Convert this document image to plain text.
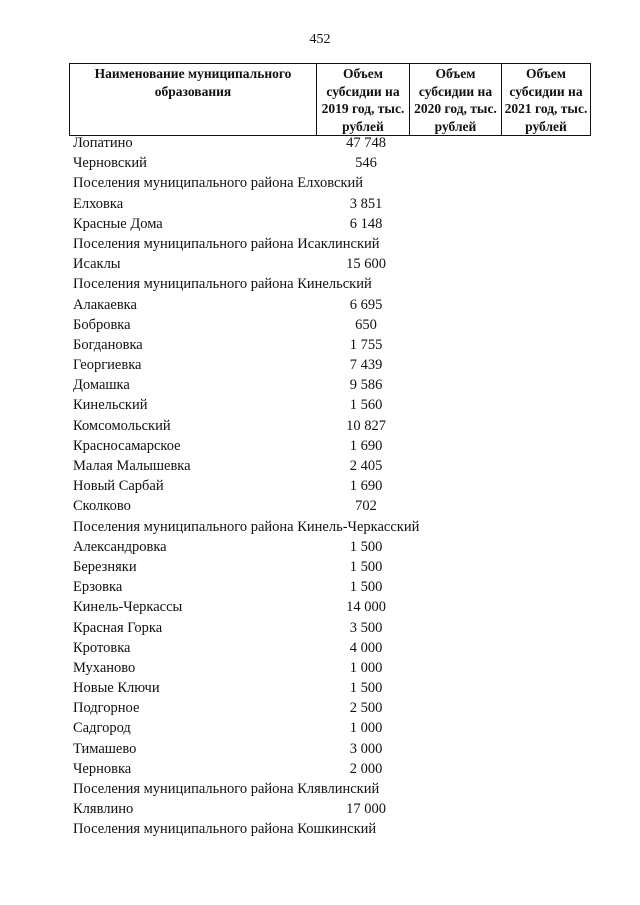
452
Наименование муниципального образования	Объем субсидии на 2019 год, тыс. рублей	Объем субсидии на 2020 год, тыс. рублей	Объем субсидии на 2021 год, тыс. рублей
Лопатино	47 748
Черновский	546
Поселения муниципального района Елховский
Елховка	3 851
Красные Дома	6 148
Поселения муниципального района Исаклинский
Исаклы	15 600
Поселения муниципального района Кинельский
Алакаевка	6 695
Бобровка	650
Богдановка	1 755
Георгиевка	7 439
Домашка	9 586
Кинельский	1 560
Комсомольский	10 827
Красносамарское	1 690
Малая Малышевка	2 405
Новый Сарбай	1 690
Сколково	702
Поселения муниципального района Кинель-Черкасский
Александровка	1 500
Березняки	1 500
Ерзовка	1 500
Кинель-Черкассы	14 000
Красная Горка	3 500
Кротовка	4 000
Муханово	1 000
Новые Ключи	1 500
Подгорное	2 500
Садгород	1 000
Тимашево	3 000
Черновка	2 000
Поселения муниципального района Клявлинский
Клявлино	17 000
Поселения муниципального района Кошкинский
